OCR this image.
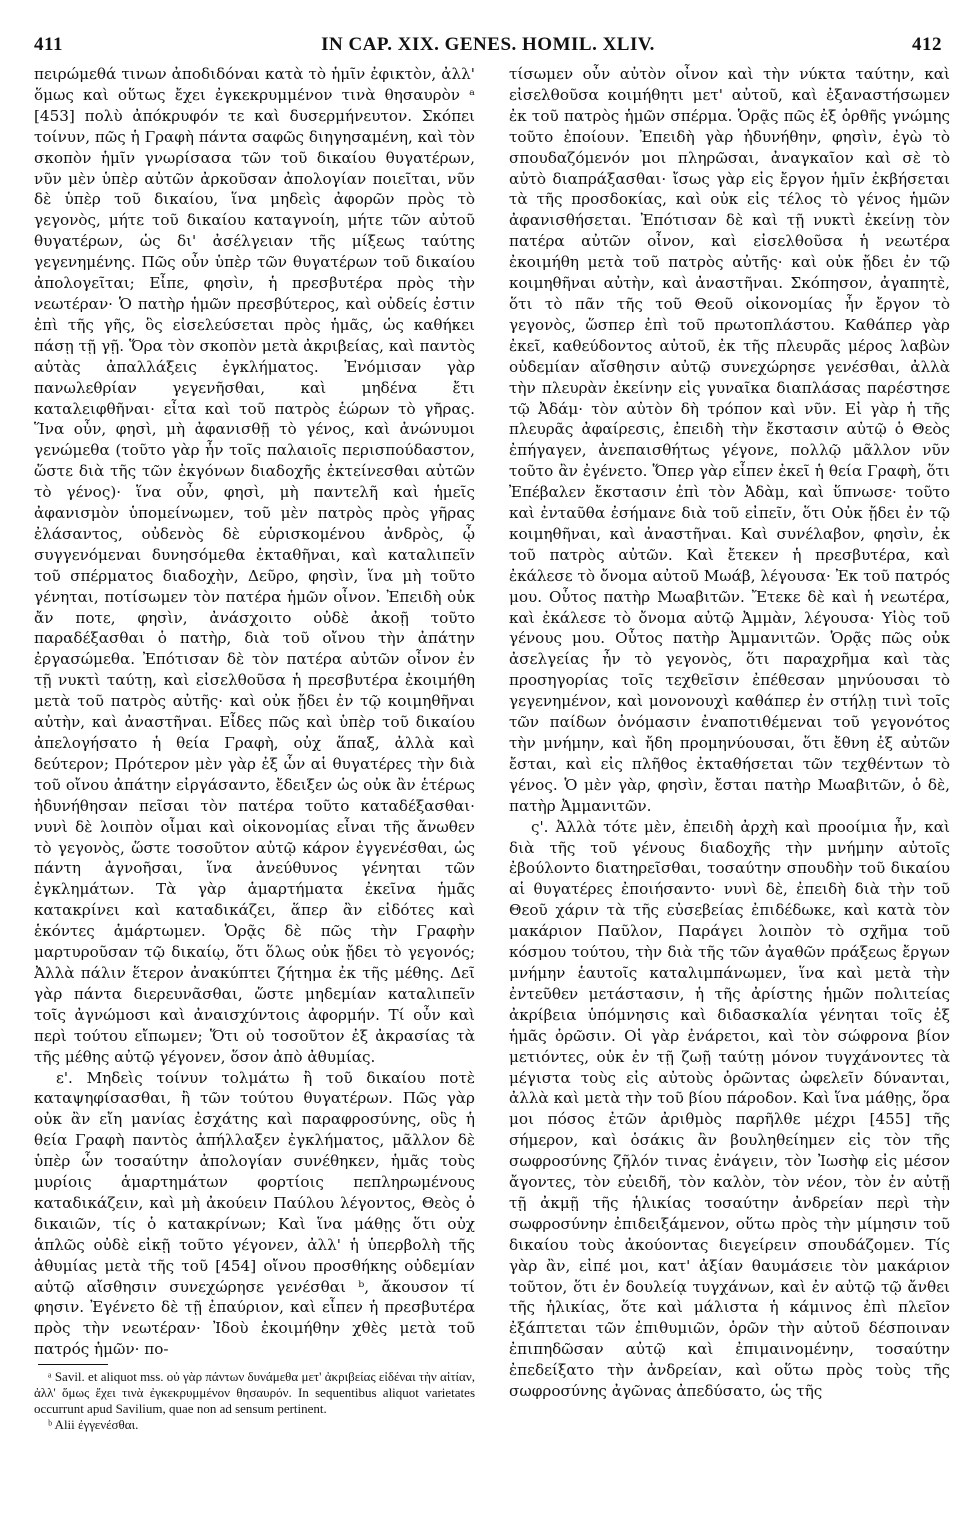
411	IN CAP. XIX. GENES. HOMIL. XLIV.	412

πειρώμεθά τινων ἀποδιδόναι κατὰ τὸ ἡμῖν ἐφικτὸν, ἀλλ' ὅμως καὶ οὕτως ἔχει ἐγκεκρυμμένον τινὰ θησαυρὸν ᵃ [453] πολὺ ἀπόκρυφόν τε καὶ δυσερμήνευτον. Σκόπει τοίνυν, πῶς ἡ Γραφὴ πάντα σαφῶς διηγησαμένη, καὶ τὸν σκοπὸν ἡμῖν γνωρίσασα τῶν τοῦ δικαίου θυγατέρων, νῦν μὲν ὑπὲρ αὐτῶν ἀρκοῦσαν ἀπολογίαν ποιεῖται, νῦν δὲ ὑπὲρ τοῦ δικαίου, ἵνα μηδεὶς ἀφορῶν πρὸς τὸ γεγονὸς, μήτε τοῦ δικαίου καταγνοίη, μήτε τῶν αὐτοῦ θυγατέρων, ὡς δι' ἀσέλγειαν τῆς μίξεως ταύτης γεγενημένης. Πῶς οὖν ὑπὲρ τῶν θυγατέρων τοῦ δικαίου ἀπολογεῖται; Εἶπε, φησὶν, ἡ πρεσβυτέρα πρὸς τὴν νεωτέραν· Ὁ πατὴρ ἡμῶν πρεσβύτερος, καὶ οὐδείς ἐστιν ἐπὶ τῆς γῆς, ὃς εἰσελεύσεται πρὸς ἡμᾶς, ὡς καθήκει πάσῃ τῇ γῇ. Ὅρα τὸν σκοπὸν μετὰ ἀκριβείας, καὶ παντὸς αὐτὰς ἀπαλλάξεις ἐγκλήματος. Ἐνόμισαν γὰρ πανωλεθρίαν γεγενῆσθαι, καὶ μηδένα ἔτι καταλειφθῆναι· εἶτα καὶ τοῦ πατρὸς ἑώρων τὸ γῆρας. Ἵνα οὖν, φησὶ, μὴ ἀφανισθῇ τὸ γένος, καὶ ἀνώνυμοι γενώμεθα (τοῦτο γὰρ ἦν τοῖς παλαιοῖς περισπούδαστον, ὥστε διὰ τῆς τῶν ἐκγόνων διαδοχῆς ἐκτείνεσθαι αὐτῶν τὸ γένος)· ἵνα οὖν, φησὶ, μὴ παντελῆ καὶ ἡμεῖς ἀφανισμὸν ὑπομείνωμεν, τοῦ μὲν πατρὸς πρὸς γῆρας ἐλάσαντος, οὐδενὸς δὲ εὑρισκομένου ἀνδρὸς, ᾧ συγγενόμεναι δυνησόμεθα ἐκταθῆναι, καὶ καταλιπεῖν τοῦ σπέρματος διαδοχὴν, Δεῦρο, φησὶν, ἵνα μὴ τοῦτο γένηται, ποτίσωμεν τὸν πατέρα ἡμῶν οἶνον. Ἐπειδὴ οὐκ ἄν ποτε, φησὶν, ἀνάσχοιτο οὐδὲ ἀκοῇ τοῦτο παραδέξασθαι ὁ πατὴρ, διὰ τοῦ οἴνου τὴν ἀπάτην ἐργασώμεθα. Ἐπότισαν δὲ τὸν πατέρα αὐτῶν οἶνον ἐν τῇ νυκτὶ ταύτῃ, καὶ εἰσελθοῦσα ἡ πρεσβυτέρα ἐκοιμήθη μετὰ τοῦ πατρὸς αὐτῆς· καὶ οὐκ ᾔδει ἐν τῷ κοιμηθῆναι αὐτὴν, καὶ ἀναστῆναι. Εἶδες πῶς καὶ ὑπὲρ τοῦ δικαίου ἀπελογήσατο ἡ θεία Γραφὴ, οὐχ ἅπαξ, ἀλλὰ καὶ δεύτερον; Πρότερον μὲν γὰρ ἐξ ὧν αἱ θυγατέρες τὴν διὰ τοῦ οἴνου ἀπάτην εἰργάσαντο, ἔδειξεν ὡς οὐκ ἂν ἑτέρως ἠδυνήθησαν πεῖσαι τὸν πατέρα τοῦτο καταδέξασθαι· νυνὶ δὲ λοιπὸν οἶμαι καὶ οἰκονομίας εἶναι τῆς ἄνωθεν τὸ γεγονὸς, ὥστε τοσοῦτον αὐτῷ κάρον ἐγγενέσθαι, ὡς πάντη ἀγνοῆσαι, ἵνα ἀνεύθυνος γένηται τῶν ἐγκλημάτων. Τὰ γὰρ ἁμαρτήματα ἐκεῖνα ἡμᾶς κατακρίνει καὶ καταδικάζει, ἅπερ ἂν εἰδότες καὶ ἑκόντες ἁμάρτωμεν. Ὁρᾷς δὲ πῶς τὴν Γραφὴν μαρτυροῦσαν τῷ δικαίῳ, ὅτι ὅλως οὐκ ᾔδει τὸ γεγονός; Ἀλλὰ πάλιν ἕτερον ἀνακύπτει ζήτημα ἐκ τῆς μέθης. Δεῖ γὰρ πάντα διερευνᾶσθαι, ὥστε μηδεμίαν καταλιπεῖν τοῖς ἀγνώμοσι καὶ ἀναισχύντοις ἀφορμήν. Τί οὖν καὶ περὶ τούτου εἴπωμεν; Ὅτι οὐ τοσοῦτον ἐξ ἀκρασίας τὰ τῆς μέθης αὐτῷ γέγονεν, ὅσον ἀπὸ ἀθυμίας.

ε'. Μηδεὶς τοίνυν τολμάτω ἢ τοῦ δικαίου ποτὲ καταψηφίσασθαι, ἢ τῶν τούτου θυγατέρων. Πῶς γὰρ οὐκ ἂν εἴη μανίας ἐσχάτης καὶ παραφροσύνης, οὓς ἡ θεία Γραφὴ παντὸς ἀπήλλαξεν ἐγκλήματος, μᾶλλον δὲ ὑπὲρ ὧν τοσαύτην ἀπολογίαν συνέθηκεν, ἡμᾶς τοὺς μυρίοις ἁμαρτημάτων φορτίοις πεπληρωμένους καταδικάζειν, καὶ μὴ ἀκούειν Παύλου λέγοντος, Θεὸς ὁ δικαιῶν, τίς ὁ κατακρίνων; Καὶ ἵνα μάθῃς ὅτι οὐχ ἁπλῶς οὐδὲ εἰκῇ τοῦτο γέγονεν, ἀλλ' ἡ ὑπερβολὴ τῆς ἀθυμίας μετὰ τῆς τοῦ [454] οἴνου προσθήκης οὐδεμίαν αὐτῷ αἴσθησιν συνεχώρησε γενέσθαι ᵇ, ἄκουσον τί φησιν. Ἐγένετο δὲ τῇ ἐπαύριον, καὶ εἶπεν ἡ πρεσβυτέρα πρὸς τὴν νεωτέραν· Ἰδοὺ ἐκοιμήθην χθὲς μετὰ τοῦ πατρός ἡμῶν· πο-

ᵃ Savil. et aliquot mss. οὐ γὰρ πάντων δυνάμεθα μετ' ἀκριβείας εἰδέναι τὴν αἰτίαν, ἀλλ' ὅμως ἔχει τινὰ ἐγκεκρυμμένον θησαυρόν. In sequentibus aliquot varietates occurrunt apud Savilium, quae non ad sensum pertinent.

ᵇ Alii ἐγγενέσθαι.

τίσωμεν οὖν αὐτὸν οἶνον καὶ τὴν νύκτα ταύτην, καὶ εἰσελθοῦσα κοιμήθητι μετ' αὐτοῦ, καὶ ἐξαναστήσωμεν ἐκ τοῦ πατρὸς ἡμῶν σπέρμα. Ὁρᾷς πῶς ἐξ ὀρθῆς γνώμης τοῦτο ἐποίουν. Ἐπειδὴ γὰρ ἠδυνήθην, φησὶν, ἐγὼ τὸ σπουδαζόμενόν μοι πληρῶσαι, ἀναγκαῖον καὶ σὲ τὸ αὐτὸ διαπράξασθαι· ἴσως γὰρ εἰς ἔργον ἡμῖν ἐκβήσεται τὰ τῆς προσδοκίας, καὶ οὐκ εἰς τέλος τὸ γένος ἡμῶν ἀφανισθήσεται. Ἐπότισαν δὲ καὶ τῇ νυκτὶ ἐκείνῃ τὸν πατέρα αὐτῶν οἶνον, καὶ εἰσελθοῦσα ἡ νεωτέρα ἐκοιμήθη μετὰ τοῦ πατρὸς αὐτῆς· καὶ οὐκ ᾔδει ἐν τῷ κοιμηθῆναι αὐτὴν, καὶ ἀναστῆναι. Σκόπησον, ἀγαπητὲ, ὅτι τὸ πᾶν τῆς τοῦ Θεοῦ οἰκονομίας ἦν ἔργον τὸ γεγονὸς, ὥσπερ ἐπὶ τοῦ πρωτοπλάστου. Καθάπερ γὰρ ἐκεῖ, καθεύδοντος αὐτοῦ, ἐκ τῆς πλευρᾶς μέρος λαβὼν οὐδεμίαν αἴσθησιν αὐτῷ συνεχώρησε γενέσθαι, ἀλλὰ τὴν πλευρὰν ἐκείνην εἰς γυναῖκα διαπλάσας παρέστησε τῷ Ἀδάμ· τὸν αὐτὸν δὴ τρόπον καὶ νῦν. Εἰ γὰρ ἡ τῆς πλευρᾶς ἀφαίρεσις, ἐπειδὴ τὴν ἔκστασιν αὐτῷ ὁ Θεὸς ἐπήγαγεν, ἀνεπαισθήτως γέγονε, πολλῷ μᾶλλον νῦν τοῦτο ἂν ἐγένετο. Ὅπερ γὰρ εἶπεν ἐκεῖ ἡ θεία Γραφὴ, ὅτι Ἐπέβαλεν ἔκστασιν ἐπὶ τὸν Ἀδὰμ, καὶ ὕπνωσε· τοῦτο καὶ ἐνταῦθα ἐσήμανε διὰ τοῦ εἰπεῖν, ὅτι Οὐκ ᾔδει ἐν τῷ κοιμηθῆναι, καὶ ἀναστῆναι. Καὶ συνέλαβον, φησὶν, ἐκ τοῦ πατρὸς αὐτῶν. Καὶ ἔτεκεν ἡ πρεσβυτέρα, καὶ ἐκάλεσε τὸ ὄνομα αὐτοῦ Μωάβ, λέγουσα· Ἐκ τοῦ πατρός μου. Οὗτος πατὴρ Μωαβιτῶν. Ἔτεκε δὲ καὶ ἡ νεωτέρα, καὶ ἐκάλεσε τὸ ὄνομα αὐτῷ Ἀμμὰν, λέγουσα· Υἱὸς τοῦ γένους μου. Οὗτος πατὴρ Ἀμμανιτῶν. Ὁρᾷς πῶς οὐκ ἀσελγείας ἦν τὸ γεγονὸς, ὅτι παραχρῆμα καὶ τὰς προσηγορίας τοῖς τεχθεῖσιν ἐπέθεσαν μηνύουσαι τὸ γεγενημένον, καὶ μονονουχὶ καθάπερ ἐν στήλῃ τινὶ τοῖς τῶν παίδων ὀνόμασιν ἐναποτιθέμεναι τοῦ γεγονότος τὴν μνήμην, καὶ ἤδη προμηνύουσαι, ὅτι ἔθνη ἐξ αὐτῶν ἔσται, καὶ εἰς πλῆθος ἐκταθήσεται τῶν τεχθέντων τὸ γένος. Ὁ μὲν γὰρ, φησὶν, ἔσται πατὴρ Μωαβιτῶν, ὁ δὲ, πατὴρ Ἀμμανιτῶν.

ς'. Ἀλλὰ τότε μὲν, ἐπειδὴ ἀρχὴ καὶ προοίμια ἦν, καὶ διὰ τῆς τοῦ γένους διαδοχῆς τὴν μνήμην αὐτοῖς ἐβούλοντο διατηρεῖσθαι, τοσαύτην σπουδὴν τοῦ δικαίου αἱ θυγατέρες ἐποιήσαντο· νυνὶ δὲ, ἐπειδὴ διὰ τὴν τοῦ Θεοῦ χάριν τὰ τῆς εὐσεβείας ἐπιδέδωκε, καὶ κατὰ τὸν μακάριον Παῦλον, Παράγει λοιπὸν τὸ σχῆμα τοῦ κόσμου τούτου, τὴν διὰ τῆς τῶν ἀγαθῶν πράξεως ἔργων μνήμην ἑαυτοῖς καταλιμπάνωμεν, ἵνα καὶ μετὰ τὴν ἐντεῦθεν μετάστασιν, ἡ τῆς ἀρίστης ἡμῶν πολιτείας ἀκρίβεια ὑπόμνησις καὶ διδασκαλία γένηται τοῖς ἐξ ἡμᾶς ὁρῶσιν. Οἱ γὰρ ἐνάρετοι, καὶ τὸν σώφρονα βίον μετιόντες, οὐκ ἐν τῇ ζωῇ ταύτῃ μόνον τυγχάνοντες τὰ μέγιστα τοὺς εἰς αὐτοὺς ὁρῶντας ὠφελεῖν δύνανται, ἀλλὰ καὶ μετὰ τὴν τοῦ βίου πάροδον. Καὶ ἵνα μάθῃς, ὅρα μοι πόσος ἐτῶν ἀριθμὸς παρῆλθε μέχρι [455] τῆς σήμερον, καὶ ὁσάκις ἂν βουληθείημεν εἰς τὸν τῆς σωφροσύνης ζῆλόν τινας ἐνάγειν, τὸν Ἰωσὴφ εἰς μέσον ἄγοντες, τὸν εὐειδῆ, τὸν καλὸν, τὸν νέον, τὸν ἐν αὐτῇ τῇ ἀκμῇ τῆς ἡλικίας τοσαύτην ἀνδρείαν περὶ τὴν σωφροσύνην ἐπιδειξάμενον, οὕτω πρὸς τὴν μίμησιν τοῦ δικαίου τοὺς ἀκούοντας διεγείρειν σπουδάζομεν. Τίς γὰρ ἂν, εἰπέ μοι, κατ' ἀξίαν θαυμάσειε τὸν μακάριον τοῦτον, ὅτι ἐν δουλείᾳ τυγχάνων, καὶ ἐν αὐτῷ τῷ ἄνθει τῆς ἡλικίας, ὅτε καὶ μάλιστα ἡ κάμινος ἐπὶ πλεῖον ἐξάπτεται τῶν ἐπιθυμιῶν, ὁρῶν τὴν αὐτοῦ δέσποιναν ἐπιπηδῶσαν αὐτῷ καὶ ἐπιμαινομένην, τοσαύτην ἐπεδείξατο τὴν ἀνδρείαν, καὶ οὕτω πρὸς τοὺς τῆς σωφροσύνης ἀγῶνας ἀπεδύσατο, ὡς τῆς
